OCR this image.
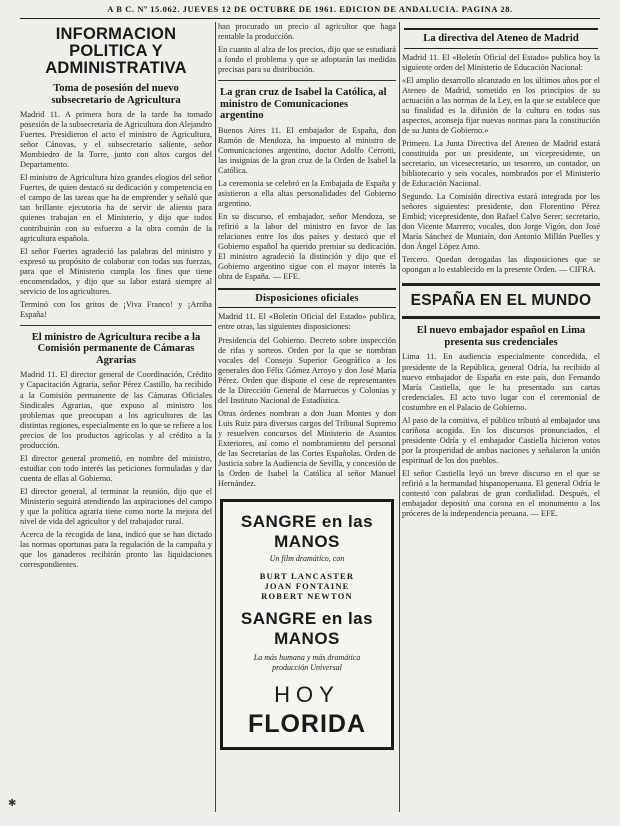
A B C. Nº 15.062. JUEVES 12 DE OCTUBRE DE 1961. EDICION DE ANDALUCIA. PAGINA 28.
INFORMACION POLITICA Y ADMINISTRATIVA
Toma de posesión del nuevo subsecretario de Agricultura

Madrid 11. A primera hora de la tarde ha tomado posesión de la subsecretaría de Agricultura don Alejandro Fuertes. Presidieron el acto el ministro de Agricultura, señor Cánovas, y el subsecretario saliente, señor Mombiedro de la Torre, junto con altos cargos del Departamento.

El ministro de Agricultura hizo grandes elogios del señor Fuertes, de quien destacó su dedicación y competencia en el campo de las tareas que ha de emprender y señaló que tan brillante ejecutoria ha de servir de aliento para quienes trabajan en el Ministerio, y dijo que todos contribuirán con su esfuerzo a la obra común de la agricultura española.

El señor Fuertes agradeció las palabras del ministro y expresó su propósito de colaborar con todas sus fuerzas, para que el Ministerio cumpla los fines que tiene encomendados, y dijo que su labor estará siempre al servicio de los agricultores.

Terminó con los gritos de ¡Viva Franco! y ¡Arriba España!

El ministro de Agricultura recibe a la Comisión permanente de Cámaras Agrarias

Madrid 11. El director general de Coordinación, Crédito y Capacitación Agraria, señor Pérez Castillo, ha recibido a la Comisión permanente de las Cámaras Oficiales Sindicales Agrarias, que expuso al ministro los problemas que preocupan a los agricultores de las distintas regiones, especialmente en lo que se refiere a los precios de los productos agrícolas y al crédito a la producción.

El director general prometió, en nombre del ministro, estudiar con todo interés las peticiones formuladas y dar cuenta de ellas al Gobierno.

El director general, al terminar la reunión, dijo que el Ministerio seguirá atendiendo las aspiraciones del campo y que la política agraria tiene como norte la mejora del nivel de vida del agricultor y del trabajador rural.

Acerca de la recogida de lana, indicó que se han dictado las normas oportunas para la regulación de la campaña y que los ganaderos recibirán pronto las liquidaciones correspondientes.

han procurado un precio al agricultor que haga rentable la producción.

En cuanto al alza de los precios, dijo que se estudiará a fondo el problema y que se adoptarán las medidas precisas para su distribución.

La gran cruz de Isabel la Católica, al ministro de Comunicaciones argentino

Buenos Aires 11. El embajador de España, don Ramón de Mendoza, ha impuesto al ministro de Comunicaciones argentino, doctor Adolfo Cerrotti, las insignias de la gran cruz de la Orden de Isabel la Católica.

La ceremonia se celebró en la Embajada de España y asistieron a ella altas personalidades del Gobierno argentino.

En su discurso, el embajador, señor Mendoza, se refirió a la labor del ministro en favor de las relaciones entre los dos países y destacó que el Gobierno español ha querido premiar su dedicación. El ministro agradeció la distinción y dijo que el Gobierno argentino sigue con el mayor interés la obra de España. — EFE.

Disposiciones oficiales

Madrid 11. El «Boletín Oficial del Estado» publica, entre otras, las siguientes disposiciones:

Presidencia del Gobierno. Decreto sobre inspección de rifas y sorteos. Orden por la que se nombran vocales del Consejo Superior Geográfico a los generales don Félix Gómez Arroyo y don José María Pérez. Orden que dispone el cese de representantes de la Dirección General de Marruecos y Colonias y del Instituto Nacional de Estadística.

Otras órdenes nombran a don Juan Montes y don Luis Ruiz para diversos cargos del Tribunal Supremo y resuelven concursos del Ministerio de Asuntos Exteriores, así como el nombramiento del personal de las Secretarías de las Cortes Españolas. Orden de Justicia sobre la Audiencia de Sevilla, y concesión de la Orden de Isabel la Católica al señor Manuel Hernández.

SANGRE en las MANOS
Un film dramático, con
BURT LANCASTER
JOAN FONTAINE
ROBERT NEWTON
SANGRE en las MANOS
La más humana y más dramática producción Universal
HOY
FLORIDA
La directiva del Ateneo de Madrid

Madrid 11. El «Boletín Oficial del Estado» publica hoy la siguiente orden del Ministerio de Educación Nacional:

«El amplio desarrollo alcanzado en los últimos años por el Ateneo de Madrid, sometido en los principios de su actuación a las normas de la Ley, en la que se establece que su finalidad es la difusión de la cultura en todos sus aspectos, aconseja fijar nuevas normas para la constitución de su Junta de Gobierno.»

Primero. La Junta Directiva del Ateneo de Madrid estará constituida por un presidente, un vicepresidente, un secretario, un vicesecretario, un tesorero, un contador, un bibliotecario y seis vocales, nombrados por el Ministerio de Educación Nacional.

Segundo. La Comisión directiva estará integrada por los señores siguientes: presidente, don Florentino Pérez Embid; vicepresidente, don Rafael Calvo Serer; secretario, don Vicente Marrero; vocales, don Jorge Vigón, don José María Sánchez de Muniaín, don Antonio Millán Puelles y don Ángel López Amo.

Tercero. Quedan derogadas las disposiciones que se opongan a lo establecido en la presente Orden. — CIFRA.

ESPAÑA EN EL MUNDO
El nuevo embajador español en Lima presenta sus credenciales

Lima 11. En audiencia especialmente concedida, el presidente de la República, general Odría, ha recibido al nuevo embajador de España en este país, don Fernando María Castiella, que le ha presentado sus cartas credenciales. El acto tuvo lugar con el ceremonial de costumbre en el Palacio de Gobierno.

Al paso de la comitiva, el público tributó al embajador una cariñosa acogida. En los discursos pronunciados, el presidente Odría y el embajador Castiella hicieron votos por la prosperidad de ambas naciones y señalaron la unión espiritual de los dos pueblos.

El señor Castiella leyó un breve discurso en el que se refirió a la hermandad hispanoperuana. El general Odría le contestó con palabras de gran cordialidad. Después, el embajador depositó una corona en el monumento a los próceres de la independencia peruana. — EFE.

✱
